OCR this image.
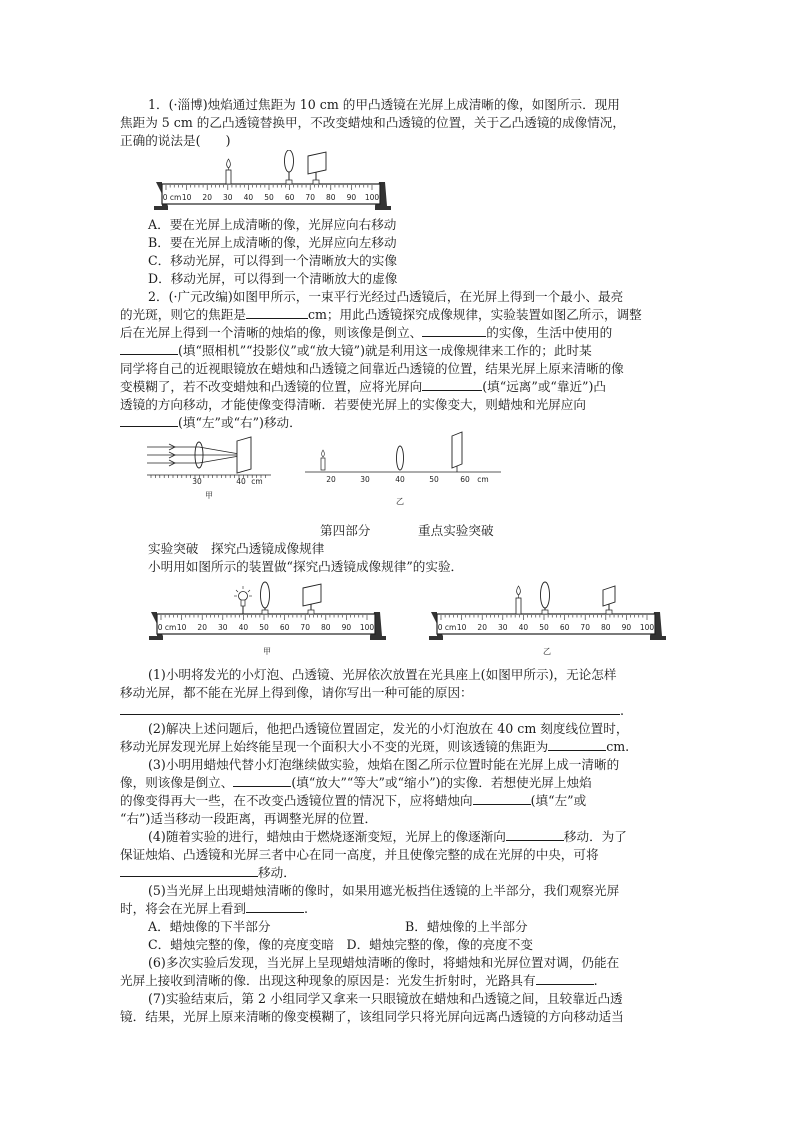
1．(·淄博)烛焰通过焦距为 10 cm 的甲凸透镜在光屏上成清晰的像，如图所示．现用
焦距为 5 cm 的乙凸透镜替换甲，不改变蜡烛和凸透镜的位置，关于乙凸透镜的成像情况，
正确的说法是(　　)
0 cm 10 20 30 40 50 60 70 80 90 100
A．要在光屏上成清晰的像，光屏应向右移动
B．要在光屏上成清晰的像，光屏应向左移动
C．移动光屏，可以得到一个清晰放大的实像
D．移动光屏，可以得到一个清晰放大的虚像
2．(·广元改编)如图甲所示，一束平行光经过凸透镜后，在光屏上得到一个最小、最亮
的光斑，则它的焦距是	cm；用此凸透镜探究成像规律，实验装置如图乙所示，调整
后在光屏上得到一个清晰的烛焰的像，则该像是倒立、	的实像，生活中使用的
(填“照相机”“投影仪”或“放大镜”)就是利用这一成像规律来工作的；此时某
同学将自己的近视眼镜放在蜡烛和凸透镜之间靠近凸透镜的位置，结果光屏上原来清晰的像
变模糊了，若不改变蜡烛和凸透镜的位置，应将光屏向	(填“远离”或“靠近”)凸
透镜的方向移动，才能使像变得清晰．若要使光屏上的实像变大，则蜡烛和光屏应向
(填“左”或“右”)移动．
30	40 cm
甲
20	30	40	50	60 cm
乙
第四部分	重点实验突破
实验突破　探究凸透镜成像规律
小明用如图所示的装置做“探究凸透镜成像规律”的实验．
0 cm 10 20 30 40 50 60 70 80 90 100
甲
0 cm 10 20 30 40 50 60 70 80 90 100
乙
(1)小明将发光的小灯泡、凸透镜、光屏依次放置在光具座上(如图甲所示)，无论怎样
移动光屏，都不能在光屏上得到像，请你写出一种可能的原因：
.
(2)解决上述问题后，他把凸透镜位置固定，发光的小灯泡放在 40 cm 刻度线位置时，
移动光屏发现光屏上始终能呈现一个面积大小不变的光斑，则该透镜的焦距为	cm.
(3)小明用蜡烛代替小灯泡继续做实验，烛焰在图乙所示位置时能在光屏上成一清晰的
像，则该像是倒立、	(填“放大”“等大”或“缩小”)的实像．若想使光屏上烛焰
的像变得再大一些，在不改变凸透镜位置的情况下，应将蜡烛向	(填“左”或
“右”)适当移动一段距离，再调整光屏的位置．
(4)随着实验的进行，蜡烛由于燃烧逐渐变短，光屏上的像逐渐向	移动．为了
保证烛焰、凸透镜和光屏三者中心在同一高度，并且使像完整的成在光屏的中央，可将
移动．
(5)当光屏上出现蜡烛清晰的像时，如果用遮光板挡住透镜的上半部分，我们观察光屏
时，将会在光屏上看到	.
A．蜡烛像的下半部分	B．蜡烛像的上半部分
C．蜡烛完整的像，像的亮度变暗　D．蜡烛完整的像，像的亮度不变
(6)多次实验后发现，当光屏上呈现蜡烛清晰的像时，将蜡烛和光屏位置对调，仍能在
光屏上接收到清晰的像．出现这种现象的原因是：光发生折射时，光路具有	.
(7)实验结束后，第 2 小组同学又拿来一只眼镜放在蜡烛和凸透镜之间，且较靠近凸透
镜．结果，光屏上原来清晰的像变模糊了，该组同学只将光屏向远离凸透镜的方向移动适当
